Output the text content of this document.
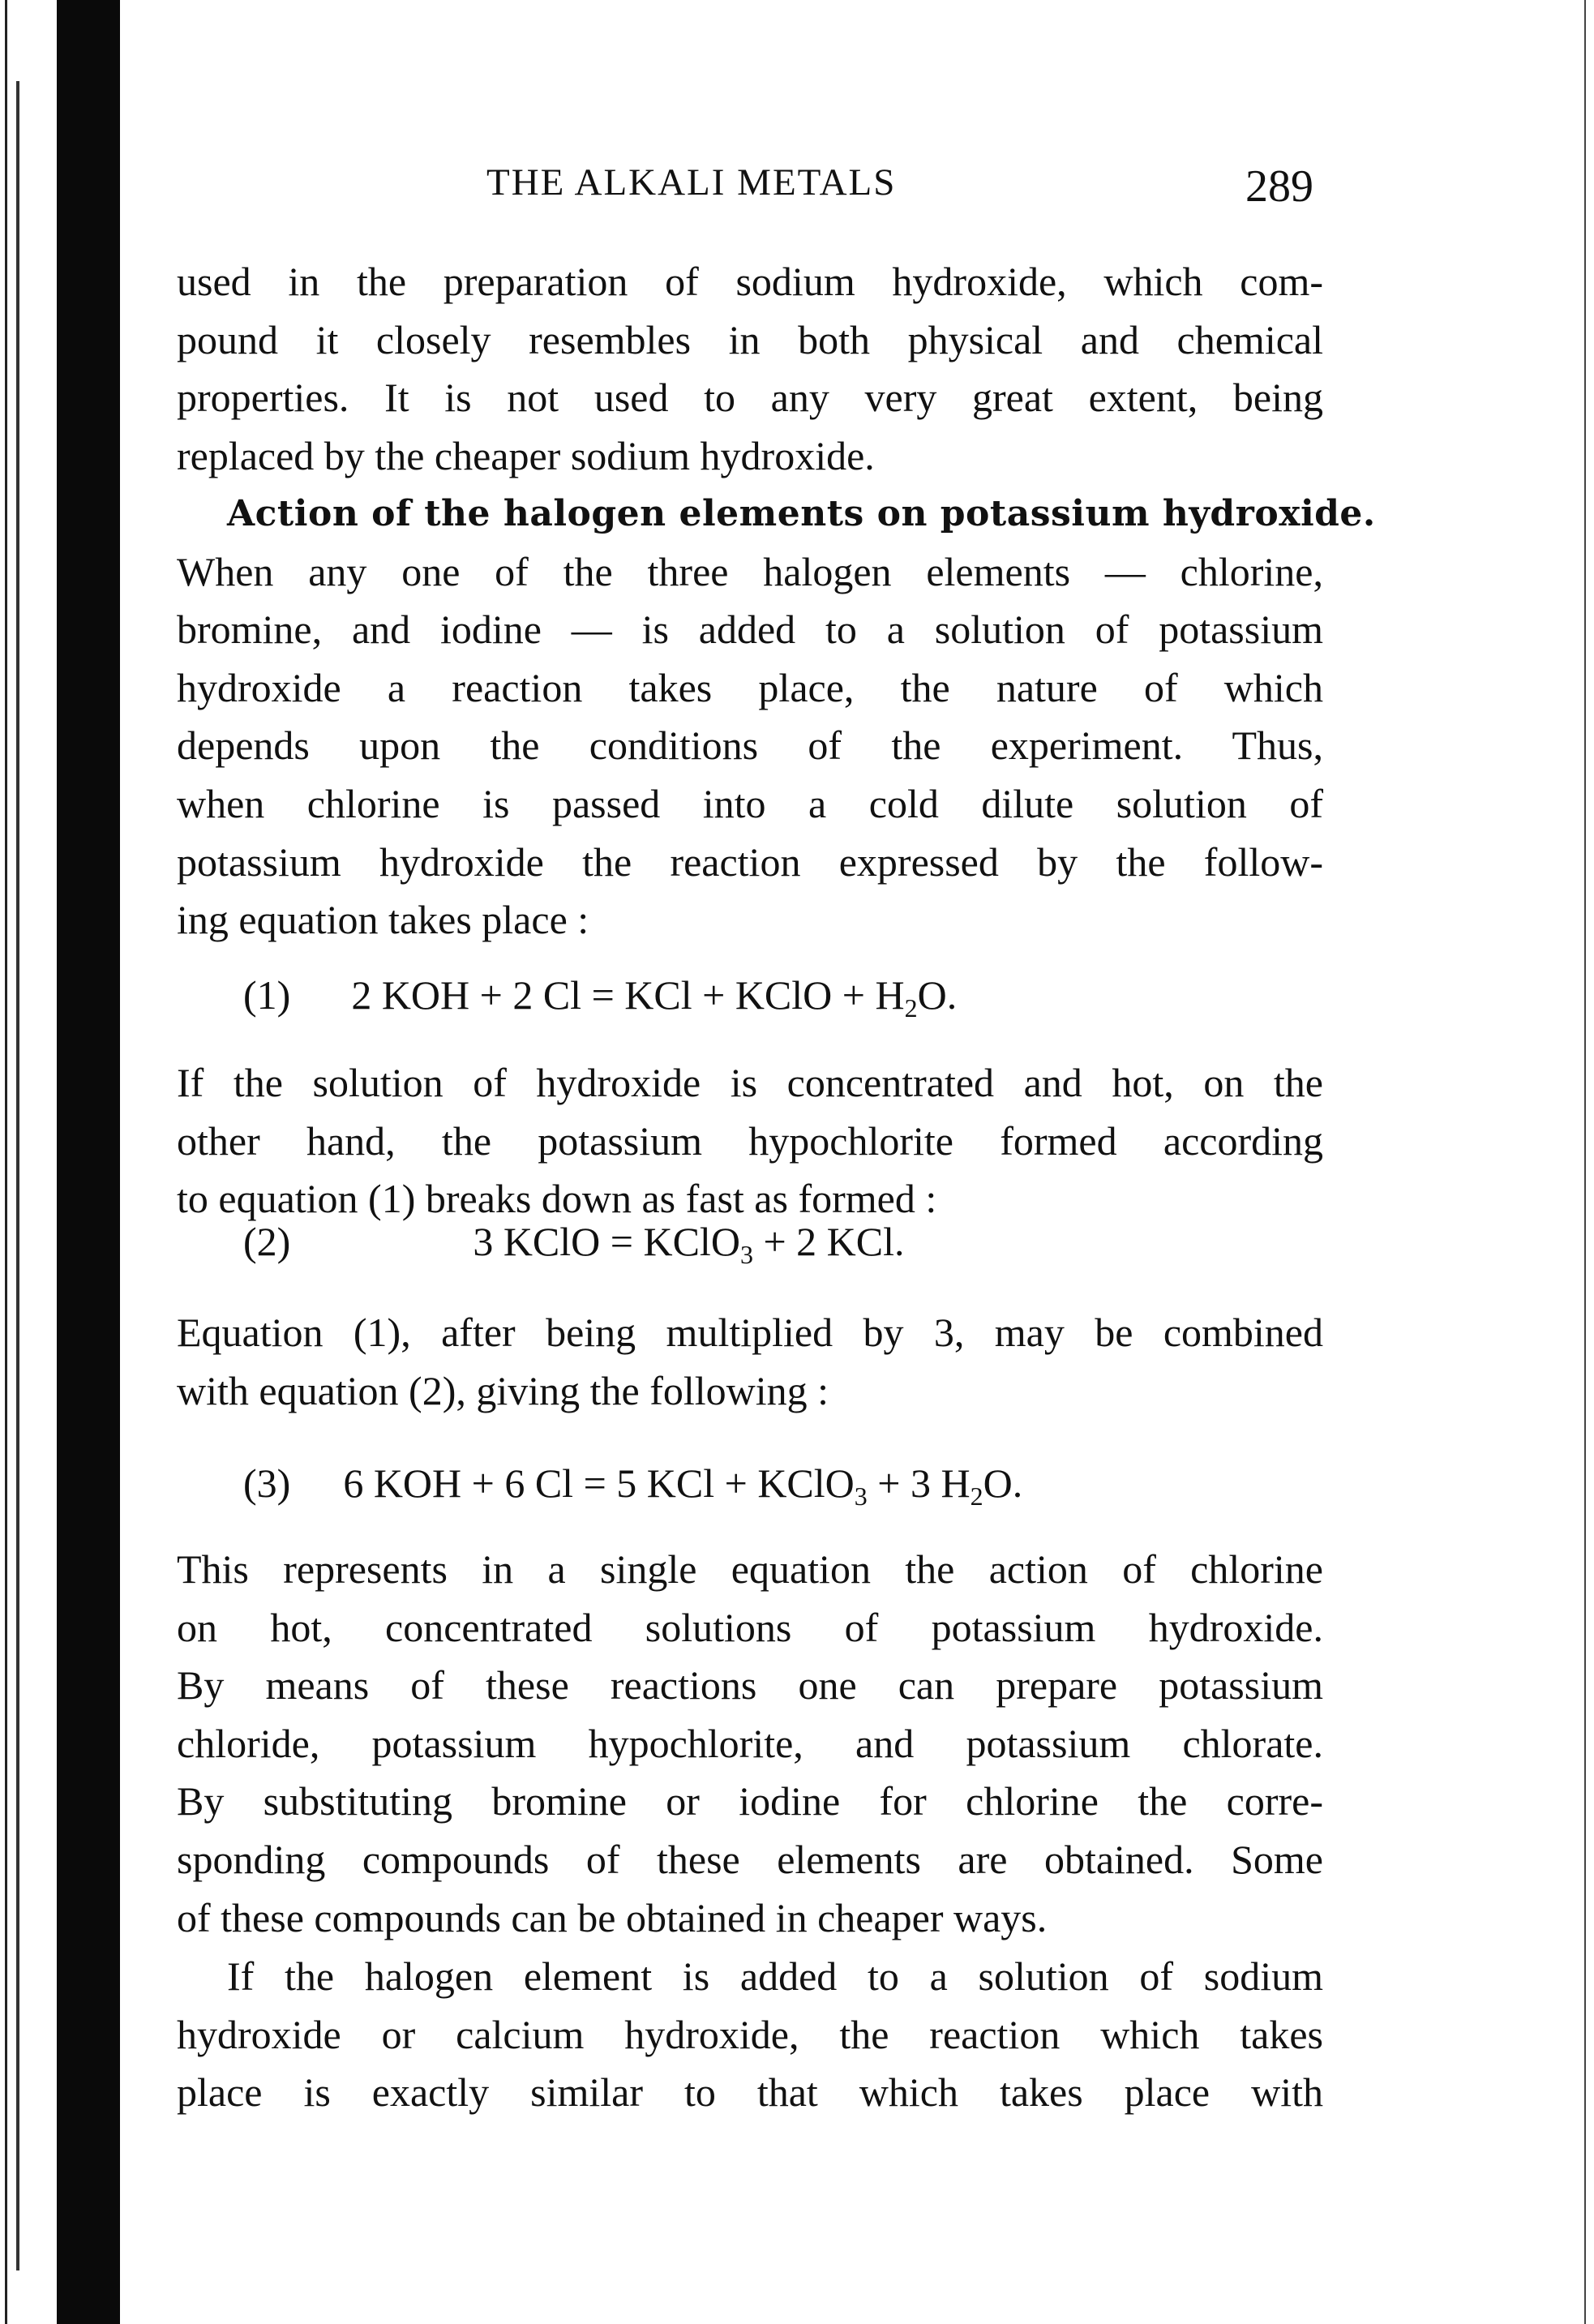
THE ALKALI METALS	289
used in the preparation of sodium hydroxide, which com-
pound it closely resembles in both physical and chemical
properties. It is not used to any very great extent, being
replaced by the cheaper sodium hydroxide.
Action of the halogen elements on potassium hydroxide.
When any one of the three halogen elements — chlorine,
bromine, and iodine — is added to a solution of potassium
hydroxide a reaction takes place, the nature of which
depends upon the conditions of the experiment. Thus,
when chlorine is passed into a cold dilute solution of
potassium hydroxide the reaction expressed by the follow-
ing equation takes place :
(1) 2 KOH + 2 Cl = KCl + KClO + $H_2O$.
If the solution of hydroxide is concentrated and hot, on the
other hand, the potassium hypochlorite formed according
to equation (1) breaks down as fast as formed :
(2)	3 KClO = KClO$_3$ + 2 KCl.
Equation (1), after being multiplied by 3, may be combined
with equation (2), giving the following :
(3) 6 KOH + 6 Cl = 5 KCl + KClO$_3$ + 3 $H_2O$.
This represents in a single equation the action of chlorine
on hot, concentrated solutions of potassium hydroxide.
By means of these reactions one can prepare potassium
chloride, potassium hypochlorite, and potassium chlorate.
By substituting bromine or iodine for chlorine the corre-
sponding compounds of these elements are obtained. Some
of these compounds can be obtained in cheaper ways.
If the halogen element is added to a solution of sodium
hydroxide or calcium hydroxide, the reaction which takes
place is exactly similar to that which takes place with
